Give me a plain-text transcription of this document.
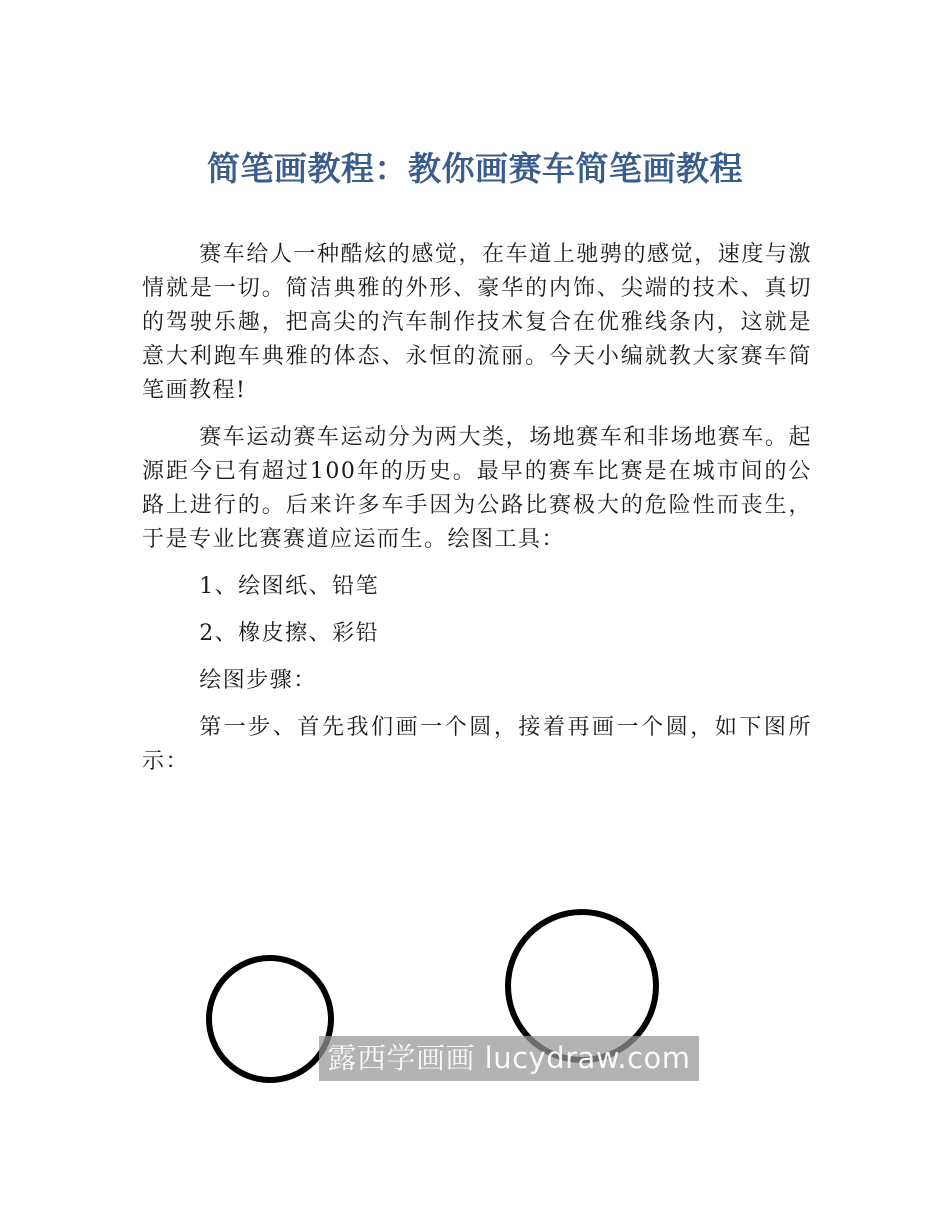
简笔画教程：教你画赛车简笔画教程

赛车给人一种酷炫的感觉，在车道上驰骋的感觉，速度与激情就是一切。简洁典雅的外形、豪华的内饰、尖端的技术、真切的驾驶乐趣，把高尖的汽车制作技术复合在优雅线条内，这就是意大利跑车典雅的体态、永恒的流丽。今天小编就教大家赛车简笔画教程!

赛车运动赛车运动分为两大类，场地赛车和非场地赛车。起源距今已有超过100年的历史。最早的赛车比赛是在城市间的公路上进行的。后来许多车手因为公路比赛极大的危险性而丧生，于是专业比赛赛道应运而生。绘图工具：

1、绘图纸、铅笔

2、橡皮擦、彩铅

绘图步骤：

第一步、首先我们画一个圆，接着再画一个圆，如下图所示：

露西学画画 lucydraw.com
